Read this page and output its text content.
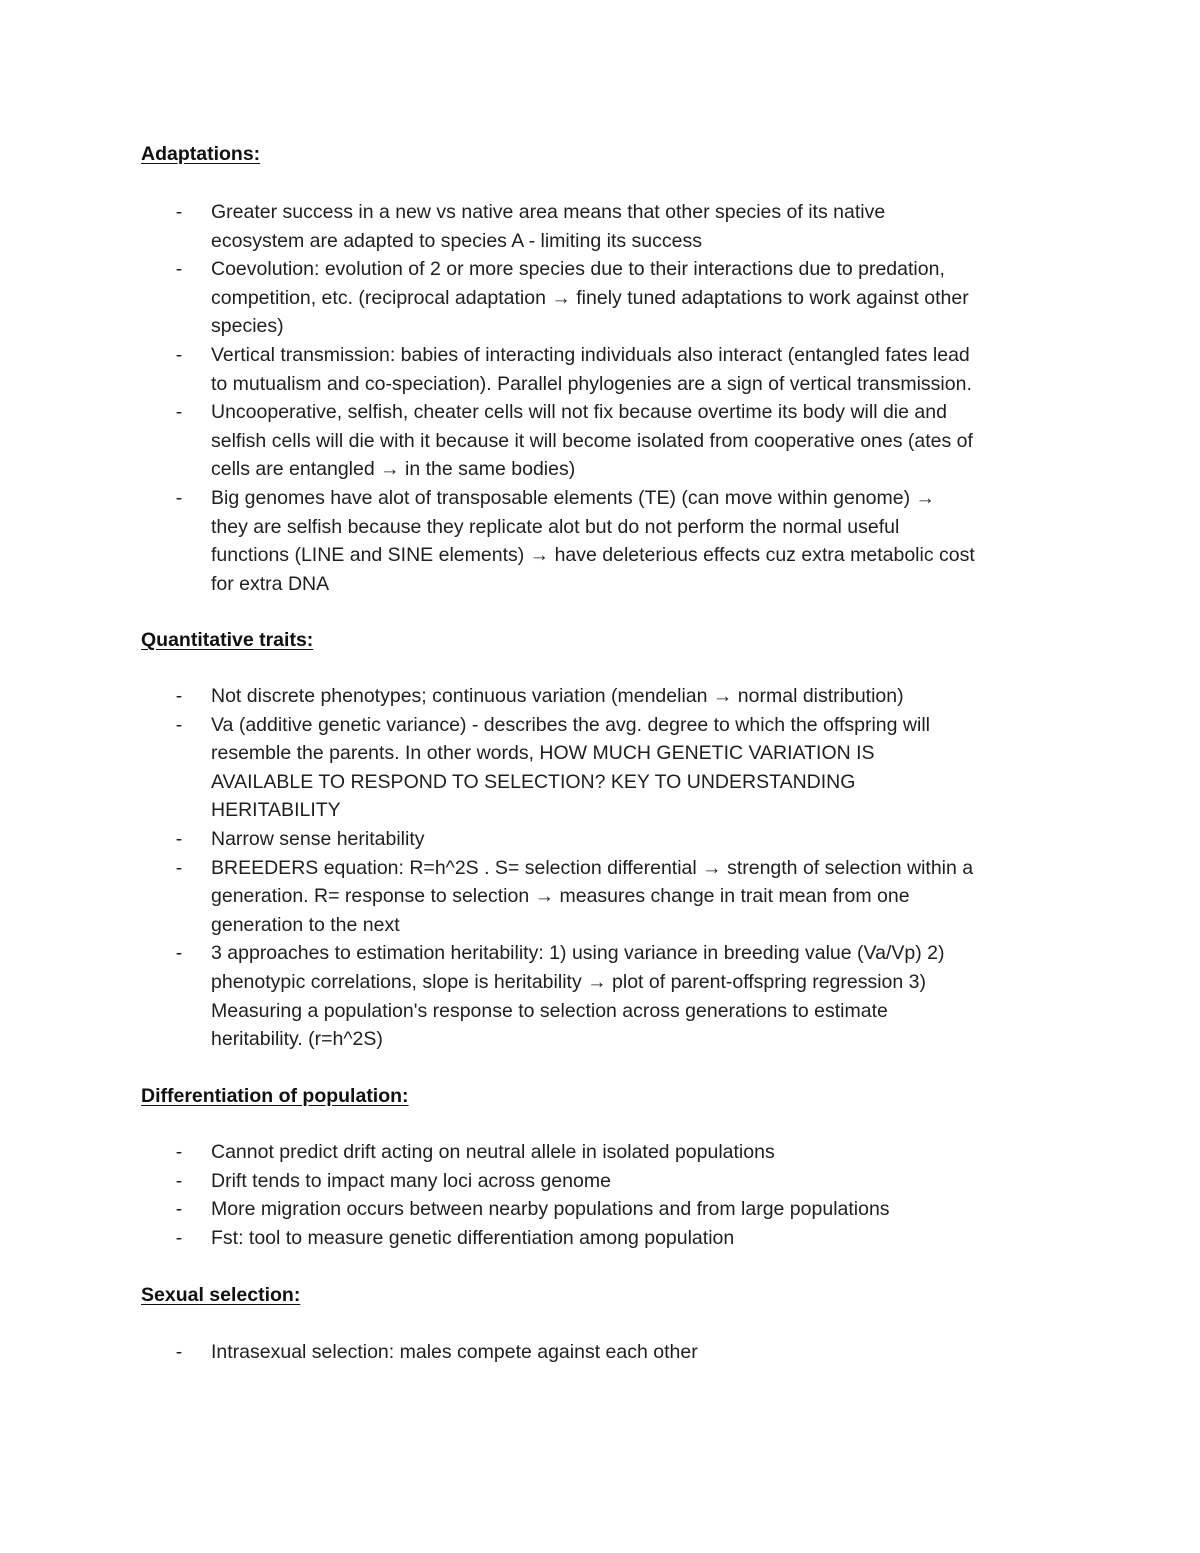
Adaptations:
- Greater success in a new vs native area means that other species of its native
ecosystem are adapted to species A - limiting its success
- Coevolution: evolution of 2 or more species due to their interactions due to predation,
competition, etc. (reciprocal adaptation → finely tuned adaptations to work against other
species)
- Vertical transmission: babies of interacting individuals also interact (entangled fates lead
to mutualism and co-speciation). Parallel phylogenies are a sign of vertical transmission.
- Uncooperative, selfish, cheater cells will not fix because overtime its body will die and
selfish cells will die with it because it will become isolated from cooperative ones (ates of
cells are entangled → in the same bodies)
- Big genomes have alot of transposable elements (TE) (can move within genome) →
they are selfish because they replicate alot but do not perform the normal useful
functions (LINE and SINE elements) → have deleterious effects cuz extra metabolic cost
for extra DNA
Quantitative traits:
- Not discrete phenotypes; continuous variation (mendelian → normal distribution)
- Va (additive genetic variance) - describes the avg. degree to which the offspring will
resemble the parents. In other words, HOW MUCH GENETIC VARIATION IS
AVAILABLE TO RESPOND TO SELECTION? KEY TO UNDERSTANDING
HERITABILITY
- Narrow sense heritability
- BREEDERS equation: R=h^2S . S= selection differential → strength of selection within a
generation. R= response to selection → measures change in trait mean from one
generation to the next
- 3 approaches to estimation heritability: 1) using variance in breeding value (Va/Vp) 2)
phenotypic correlations, slope is heritability → plot of parent-offspring regression 3)
Measuring a population's response to selection across generations to estimate
heritability. (r=h^2S)
Differentiation of population:
- Cannot predict drift acting on neutral allele in isolated populations
- Drift tends to impact many loci across genome
- More migration occurs between nearby populations and from large populations
- Fst: tool to measure genetic differentiation among population
Sexual selection:
- Intrasexual selection: males compete against each other
